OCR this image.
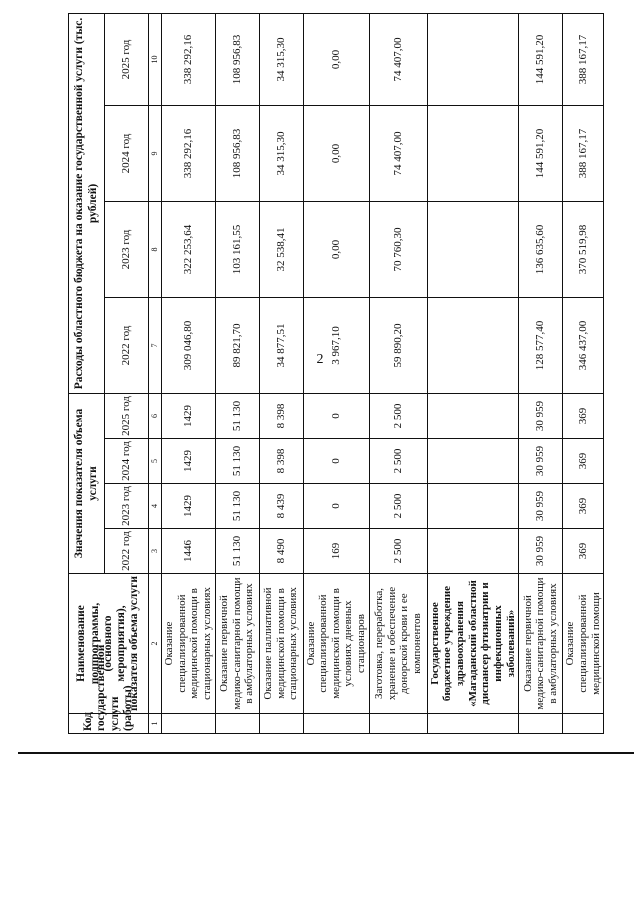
2
Код государственной услуги (работы)	Наименование подпрограммы, (основного мероприятия), показателя объема услуги	Значения показателя объема услуги				Расходы областного бюджета на оказание государственной услуги (тыс. рублей)			
		2022 год	2023 год	2024 год	2025 год	2022 год	2023 год	2024 год	2025 год
1	2	3	4	5	6	7	8	9	10
	Оказание специализированной медицинской помощи в стационарных условиях	1446	1429	1429	1429	309 046,80	322 253,64	338 292,16	338 292,16
	Оказание первичной медико-санитарной помощи в амбулаторных условиях	51 130	51 130	51 130	51 130	89 821,70	103 161,55	108 956,83	108 956,83
	Оказание паллиативной медицинской помощи в стационарных условиях	8 490	8 439	8 398	8 398	34 877,51	32 538,41	34 315,30	34 315,30
	Оказание специализированной медицинской помощи в условиях дневных стационаров	169	0	0	0	3 967,10	0,00	0,00	0,00
	Заготовка, переработка, хранение и обеспечение донорской крови и ее компонентов	2 500	2 500	2 500	2 500	59 890,20	70 760,30	74 407,00	74 407,00
	Государственное бюджетное учреждение здравоохранения «Магаданский областной диспансер фтизиатрии и инфекционных заболеваний»								
	Оказание первичной медико-санитарной помощи в амбулаторных условиях	30 959	30 959	30 959	30 959	128 577,40	136 635,60	144 591,20	144 591,20
	Оказание специализированной медицинской помощи	369	369	369	369	346 437,00	370 519,98	388 167,17	388 167,17
